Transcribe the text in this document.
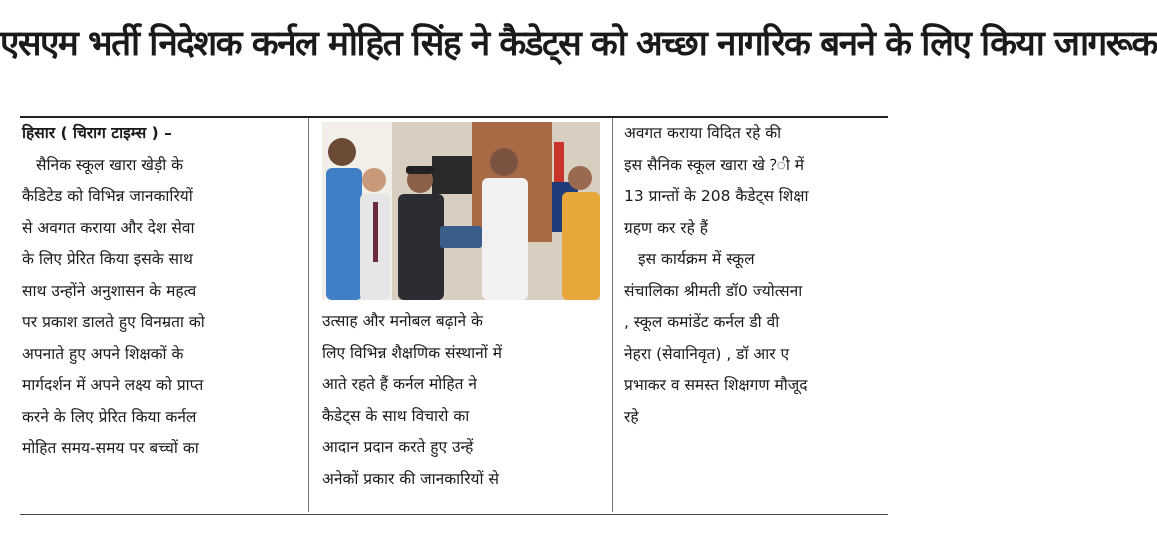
एसएम भर्ती निदेशक कर्नल मोहित सिंह ने कैडेट्स को अच्छा नागरिक बनने के लिए किया जागरूक

हिसार ( चिराग टाइम्स ) –

सैनिक स्कूल खारा खेड़ी के

कैडिटेड को विभिन्न जानकारियों

से अवगत कराया और देश सेवा

के लिए प्रेरित किया इसके साथ

साथ उन्होंने अनुशासन के महत्व

पर प्रकाश डालते हुए विनम्रता को

अपनाते हुए अपने शिक्षकों के

मार्गदर्शन में अपने लक्ष्य को प्राप्त

करने के लिए प्रेरित किया कर्नल

मोहित समय-समय पर बच्चों का

उत्साह और मनोबल बढ़ाने के

लिए विभिन्न शैक्षणिक संस्थानों में

आते रहते हैं कर्नल मोहित ने

कैडेट्स के साथ विचारो का

आदान प्रदान करते हुए उन्हें

अनेकों प्रकार की जानकारियों से

अवगत कराया विदित रहे की

इस सैनिक स्कूल खारा खे ?ी में

13 प्रान्तों के 208 कैडेट्स शिक्षा

ग्रहण कर रहे हैं

इस कार्यक्रम में स्कूल

संचालिका श्रीमती डॉ0 ज्योत्सना

, स्कूल कमांडेंट कर्नल डी वी

नेहरा (सेवानिवृत) , डॉ आर ए

प्रभाकर व समस्त शिक्षगण मौजूद

रहे
